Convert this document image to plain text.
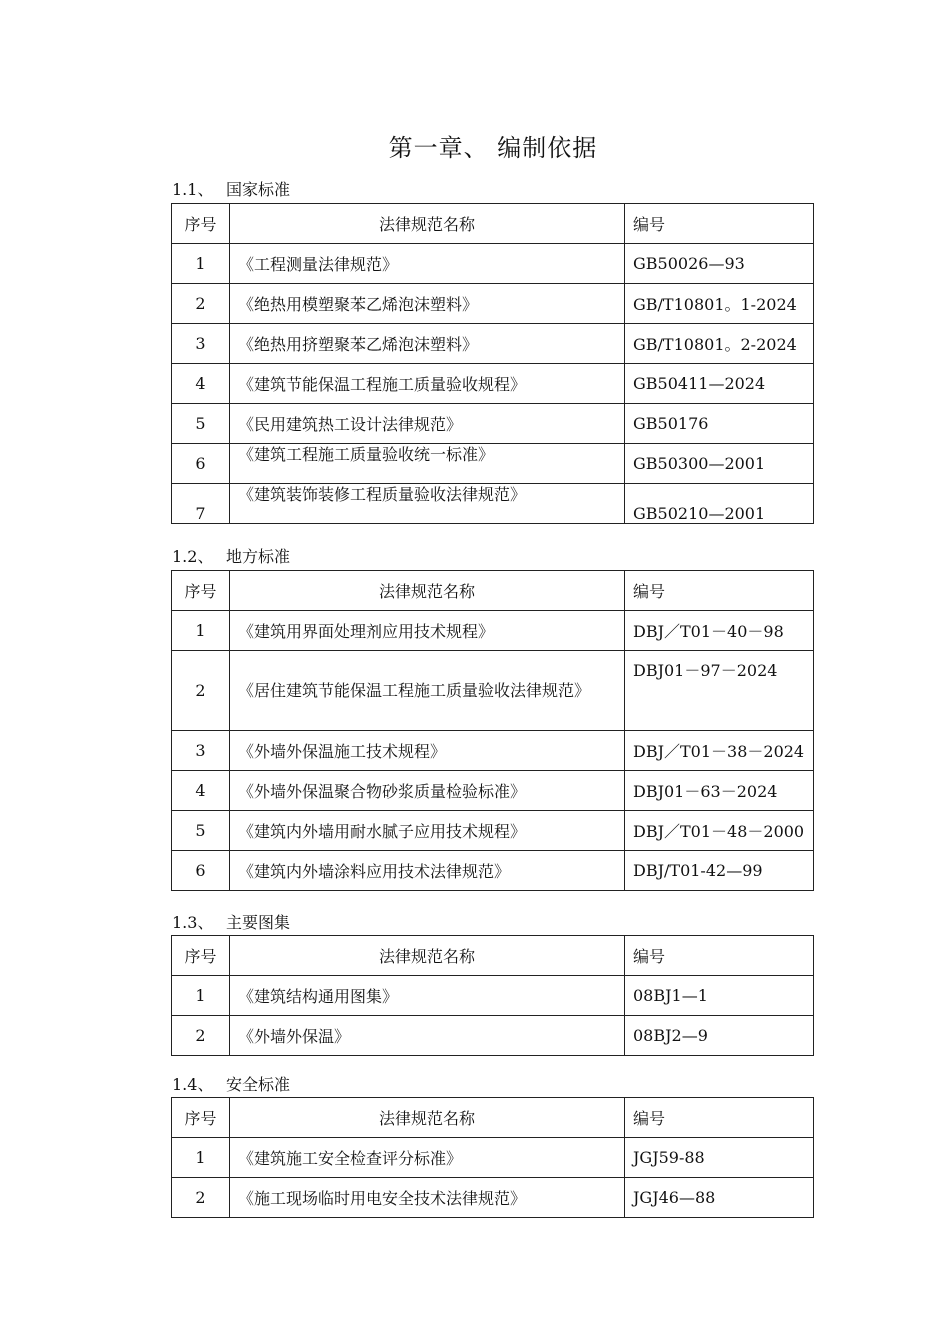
第一章、 编制依据
1.1、 国家标准
序号	法律规范名称	编号
1	《工程测量法律规范》	GB50026—93
2	《绝热用模塑聚苯乙烯泡沫塑料》	GB/T10801。1-2024
3	《绝热用挤塑聚苯乙烯泡沫塑料》	GB/T10801。2-2024
4	《建筑节能保温工程施工质量验收规程》	GB50411—2024
5	《民用建筑热工设计法律规范》	GB50176
6	《建筑工程施工质量验收统一标准》	GB50300—2001
7	《建筑装饰装修工程质量验收法律规范》	GB50210—2001
1.2、 地方标准
序号	法律规范名称	编号
1	《建筑用界面处理剂应用技术规程》	DBJ／T01－40－98
2	《居住建筑节能保温工程施工质量验收法律规范》	DBJ01－97－2024
3	《外墙外保温施工技术规程》	DBJ／T01－38－2024
4	《外墙外保温聚合物砂浆质量检验标准》	DBJ01－63－2024
5	《建筑内外墙用耐水腻子应用技术规程》	DBJ／T01－48－2000
6	《建筑内外墙涂料应用技术法律规范》	DBJ/T01-42—99
1.3、 主要图集
序号	法律规范名称	编号
1	《建筑结构通用图集》	08BJ1—1
2	《外墙外保温》	08BJ2—9
1.4、 安全标准
序号	法律规范名称	编号
1	《建筑施工安全检查评分标准》	JGJ59-88
2	《施工现场临时用电安全技术法律规范》	JGJ46—88
